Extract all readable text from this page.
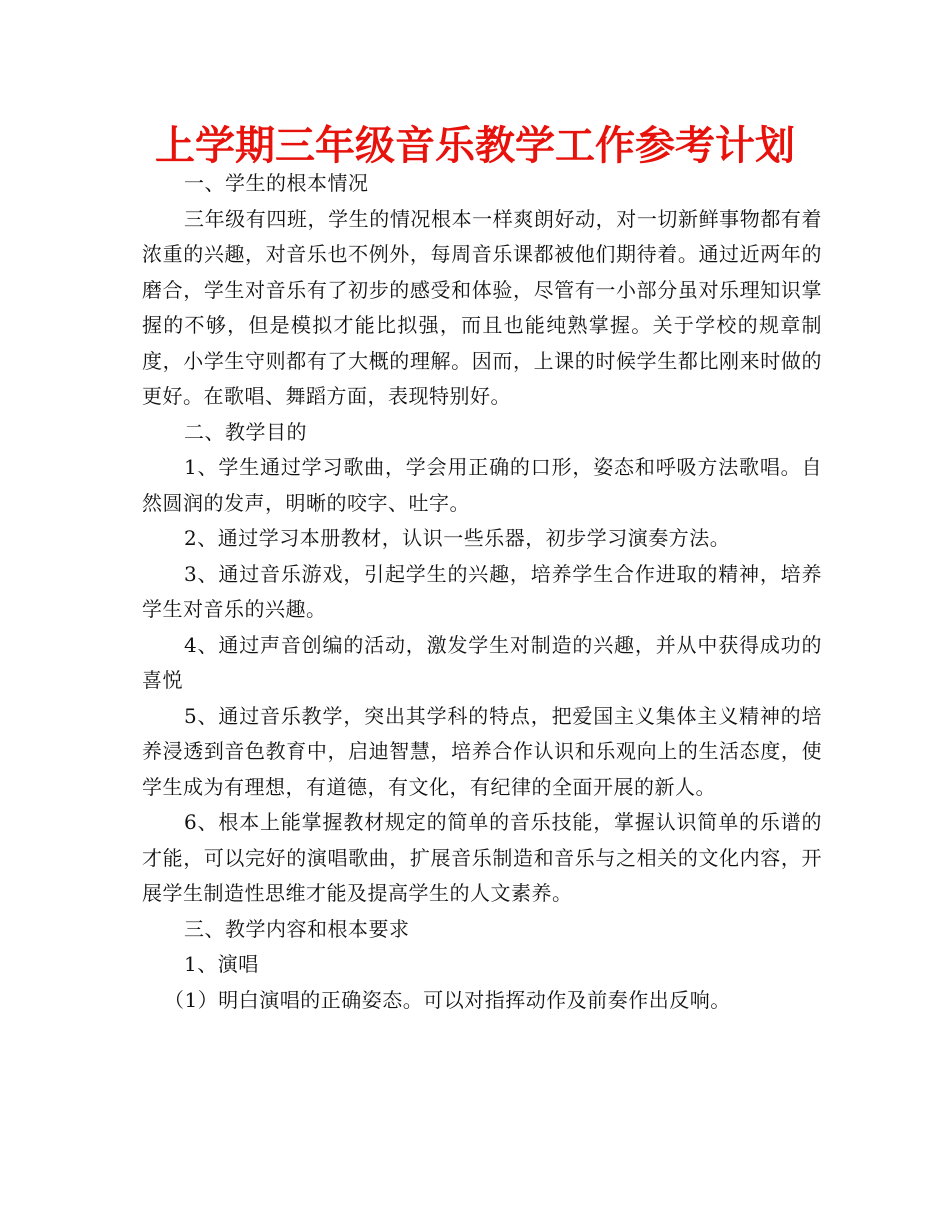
上学期三年级音乐教学工作参考计划

一、学生的根本情况

三年级有四班，学生的情况根本一样爽朗好动，对一切新鲜事物都有着浓重的兴趣，对音乐也不例外，每周音乐课都被他们期待着。通过近两年的磨合，学生对音乐有了初步的感受和体验，尽管有一小部分虽对乐理知识掌握的不够，但是模拟才能比拟强，而且也能纯熟掌握。关于学校的规章制度，小学生守则都有了大概的理解。因而，上课的时候学生都比刚来时做的更好。在歌唱、舞蹈方面，表现特别好。

二、教学目的

1、学生通过学习歌曲，学会用正确的口形，姿态和呼吸方法歌唱。自然圆润的发声，明晰的咬字、吐字。

2、通过学习本册教材，认识一些乐器，初步学习演奏方法。

3、通过音乐游戏，引起学生的兴趣，培养学生合作进取的精神，培养学生对音乐的兴趣。

4、通过声音创编的活动，激发学生对制造的兴趣，并从中获得成功的喜悦

5、通过音乐教学，突出其学科的特点，把爱国主义集体主义精神的培养浸透到音色教育中，启迪智慧，培养合作认识和乐观向上的生活态度，使学生成为有理想，有道德，有文化，有纪律的全面开展的新人。

6、根本上能掌握教材规定的简单的音乐技能，掌握认识简单的乐谱的才能，可以完好的演唱歌曲，扩展音乐制造和音乐与之相关的文化内容，开展学生制造性思维才能及提高学生的人文素养。

三、教学内容和根本要求

1、演唱

（1）明白演唱的正确姿态。可以对指挥动作及前奏作出反响。
